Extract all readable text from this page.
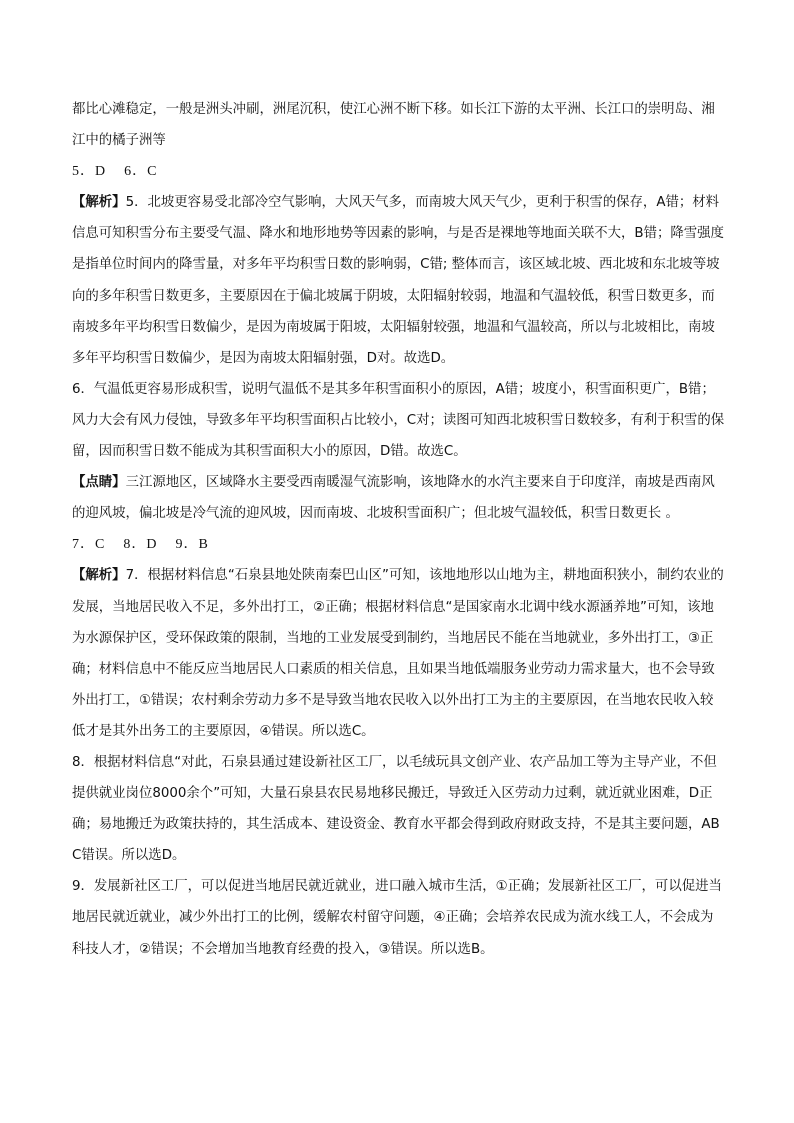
都比心滩稳定，一般是洲头冲刷，洲尾沉积，使江心洲不断下移。如长江下游的太平洲、长江口的崇明岛、湘江中的橘子洲等

5．D    6．C

【解析】5．北坡更容易受北部冷空气影响，大风天气多，而南坡大风天气少，更利于积雪的保存，A错；材料信息可知积雪分布主要受气温、降水和地形地势等因素的影响，与是否是裸地等地面关联不大，B错；降雪强度是指单位时间内的降雪量，对多年平均积雪日数的影响弱，C错; 整体而言，该区域北坡、西北坡和东北坡等坡向的多年积雪日数更多，主要原因在于偏北坡属于阴坡，太阳辐射较弱，地温和气温较低，积雪日数更多，而南坡多年平均积雪日数偏少，是因为南坡属于阳坡，太阳辐射较强，地温和气温较高，所以与北坡相比，南坡多年平均积雪日数偏少，是因为南坡太阳辐射强，D对。故选D。

6．气温低更容易形成积雪，说明气温低不是其多年积雪面积小的原因，A错；坡度小，积雪面积更广，B错；风力大会有风力侵蚀，导致多年平均积雪面积占比较小，C对；读图可知西北坡积雪日数较多，有利于积雪的保留，因而积雪日数不能成为其积雪面积大小的原因，D错。故选C。

【点睛】三江源地区，区域降水主要受西南暖湿气流影响，该地降水的水汽主要来自于印度洋，南坡是西南风的迎风坡，偏北坡是冷气流的迎风坡，因而南坡、北坡积雪面积广；但北坡气温较低，积雪日数更长 。

7．C    8．D    9．B

【解析】7．根据材料信息“石泉县地处陕南秦巴山区”可知，该地地形以山地为主，耕地面积狭小，制约农业的发展，当地居民收入不足，多外出打工，②正确；根据材料信息“是国家南水北调中线水源涵养地”可知，该地为水源保护区，受环保政策的限制，当地的工业发展受到制约，当地居民不能在当地就业，多外出打工，③正确；材料信息中不能反应当地居民人口素质的相关信息，且如果当地低端服务业劳动力需求量大，也不会导致外出打工，①错误；农村剩余劳动力多不是导致当地农民收入以外出打工为主的主要原因，在当地农民收入较低才是其外出务工的主要原因，④错误。所以选C。

8．根据材料信息“对此，石泉县通过建设新社区工厂，以毛绒玩具文创产业、农产品加工等为主导产业，不但提供就业岗位8000余个”可知，大量石泉县农民易地移民搬迁，导致迁入区劳动力过剩，就近就业困难，D正确；易地搬迁为政策扶持的，其生活成本、建设资金、教育水平都会得到政府财政支持，不是其主要问题，ABC错误。所以选D。

9．发展新社区工厂，可以促进当地居民就近就业，进口融入城市生活，①正确；发展新社区工厂，可以促进当地居民就近就业，减少外出打工的比例，缓解农村留守问题，④正确；会培养农民成为流水线工人，不会成为科技人才，②错误；不会增加当地教育经费的投入，③错误。所以选B。
